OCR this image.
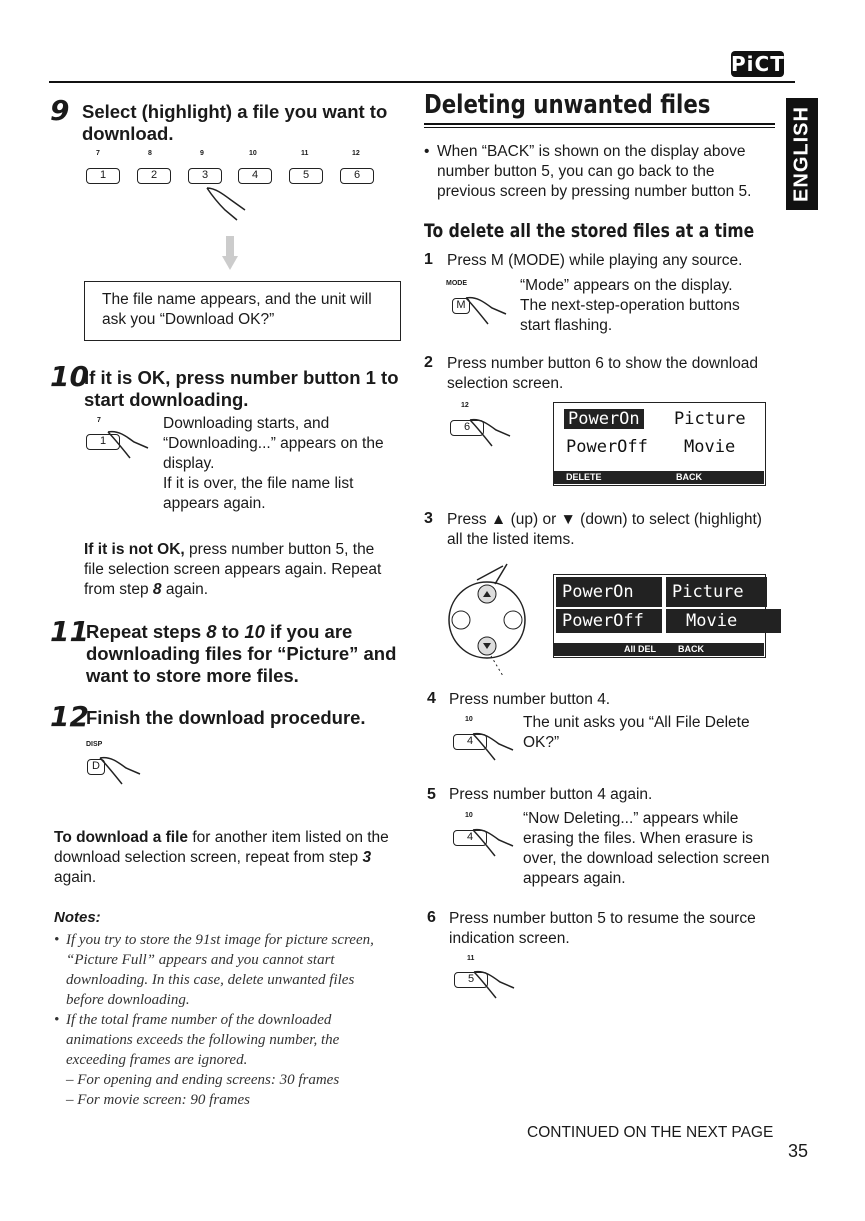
PiCT
ENGLISH
9 Select (highlight) a file you want to
download.
7	8	9	10	11	12
1	2	3	4	5	6
The file name appears, and the unit will
ask you “Download OK?”
10
If it is OK, press number button 1 to
start downloading.
7
1
Downloading starts, and
“Downloading...” appears on the
display.
If it is over, the file name list
appears again.
If it is not OK, press number button 5, the
file selection screen appears again. Repeat
from step 8 again.
11
Repeat steps 8 to 10 if you are
downloading files for “Picture” and
want to store more files.
12
Finish the download procedure.
DISP
D
To download a file for another item listed on the
download selection screen, repeat from step 3
again.
Notes:
• If you try to store the 91st image for picture screen,
“Picture Full” appears and you cannot start
downloading. In this case, delete unwanted files
before downloading.
• If the total frame number of the downloaded
animations exceeds the following number, the
exceeding frames are ignored.
– For opening and ending screens: 30 frames
– For movie screen: 90 frames
Deleting unwanted files
• When “BACK” is shown on the display above
number button 5, you can go back to the
previous screen by pressing number button 5.
To delete all the stored files at a time
1 Press M (MODE) while playing any source.
MODE
M
“Mode” appears on the display.
The next-step-operation buttons
start flashing.
2 Press number button 6 to show the download
selection screen.
12
6	PowerOn Picture
PowerOff Movie
DELETE	BACK
3 Press ▲ (up) or ▼ (down) to select (highlight)
all the listed items.
PowerOn	Picture
PowerOff	Movie
All DEL BACK
4 Press number button 4.
10
4
The unit asks you “All File Delete
OK?”
5 Press number button 4 again.
10
4
“Now Deleting...” appears while
erasing the files. When erasure is
over, the download selection screen
appears again.
6 Press number button 5 to resume the source
indication screen.
11
5
CONTINUED ON THE NEXT PAGE
35
